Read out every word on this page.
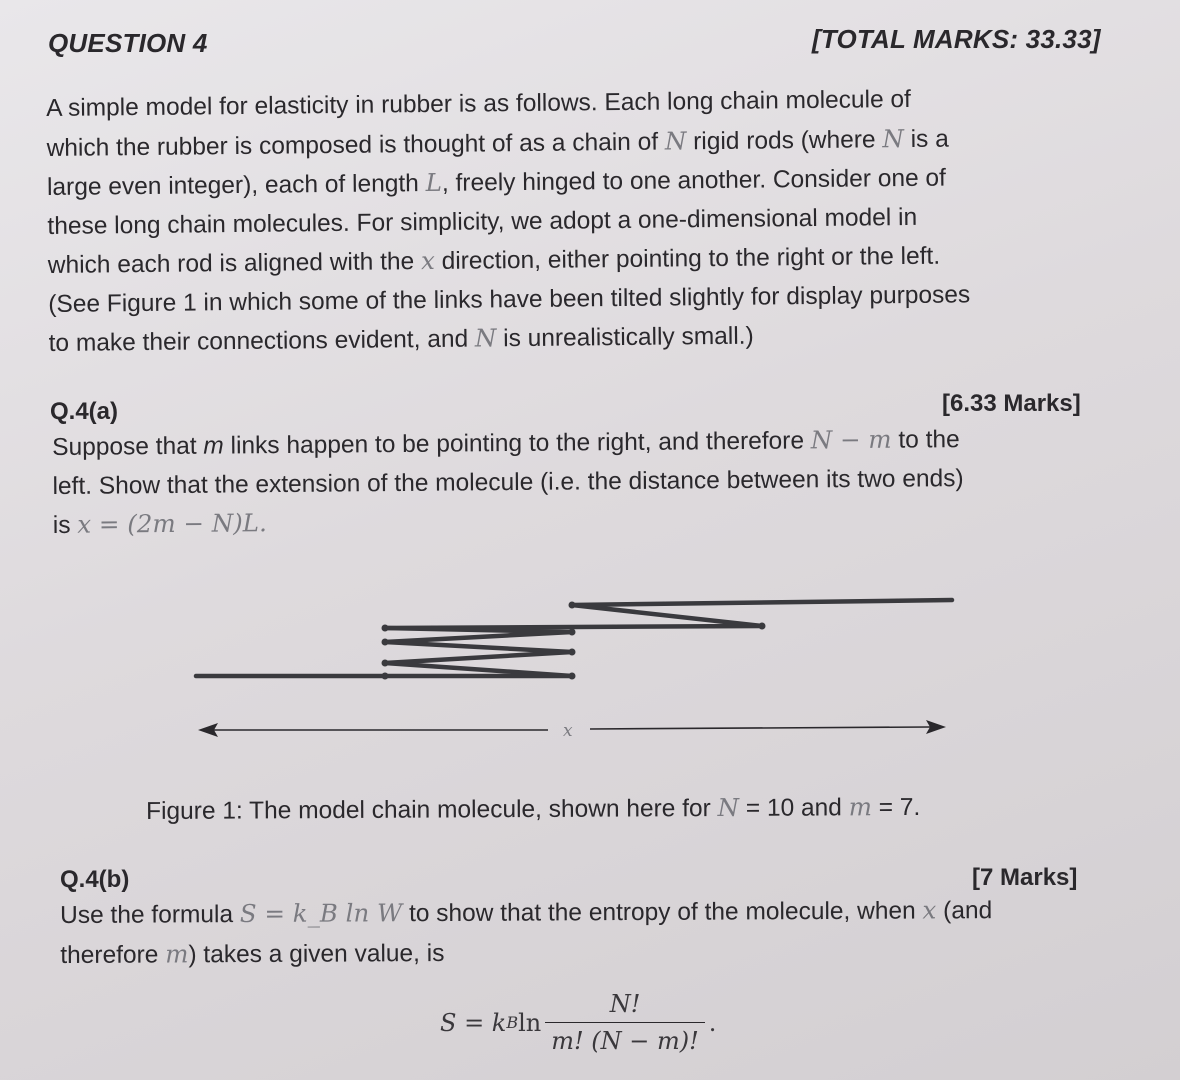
QUESTION 4	[TOTAL MARKS: 33.33]
A simple model for elasticity in rubber is as follows. Each long chain molecule of
which the rubber is composed is thought of as a chain of N rigid rods (where N is a
large even integer), each of length L, freely hinged to one another. Consider one of
these long chain molecules. For simplicity, we adopt a one-dimensional model in
which each rod is aligned with the x direction, either pointing to the right or the left.
(See Figure 1 in which some of the links have been tilted slightly for display purposes
to make their connections evident, and N is unrealistically small.)
Q.4(a)	[6.33 Marks]
Suppose that m links happen to be pointing to the right, and therefore N − m to the
left. Show that the extension of the molecule (i.e. the distance between its two ends)
is x = (2m − N)L.
x
Figure 1: The model chain molecule, shown here for N = 10 and m = 7.
Q.4(b)	[7 Marks]
Use the formula S = k_B ln W to show that the entropy of the molecule, when x (and
therefore m) takes a given value, is
S = k B $\ln \frac{N!}{m! (N - m)!}$ .
